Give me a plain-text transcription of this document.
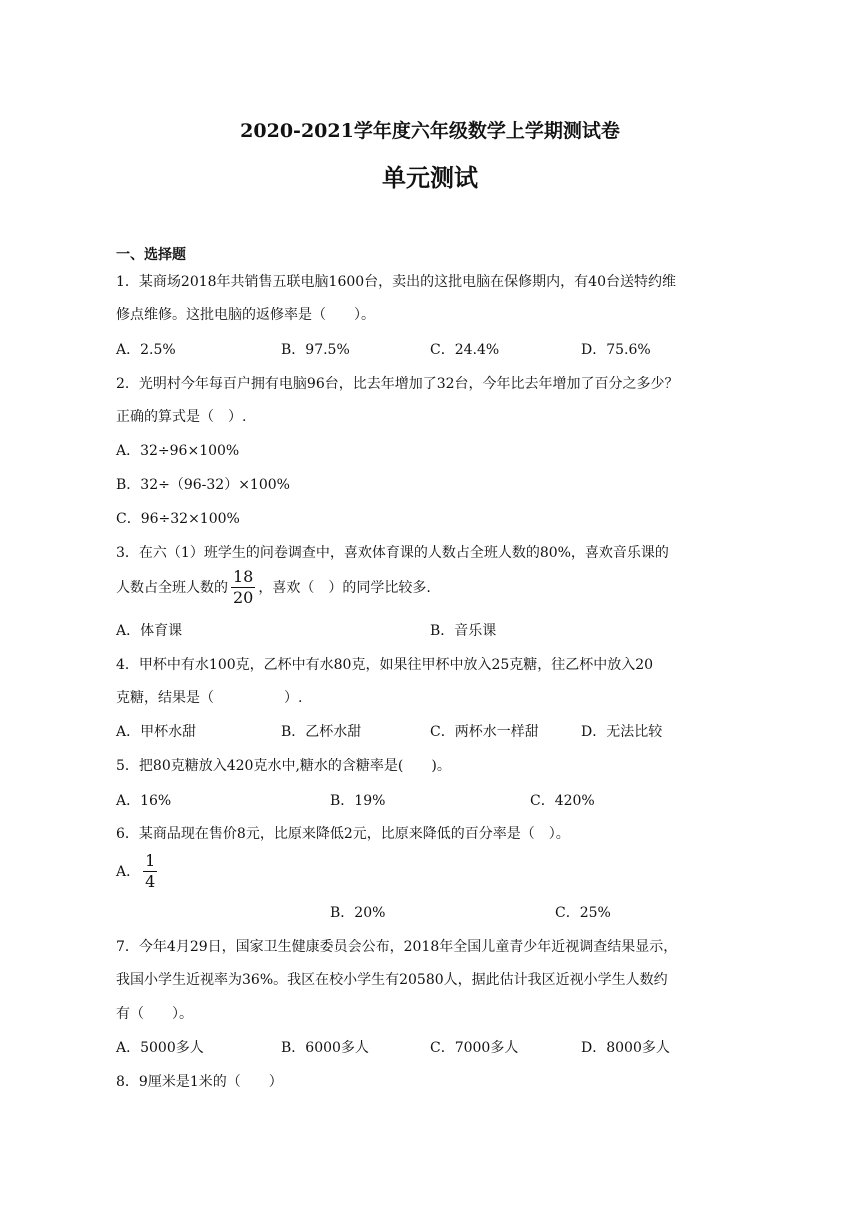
2020-2021学年度六年级数学上学期测试卷
单元测试
一、选择题
1．某商场2018年共销售五联电脑1600台，卖出的这批电脑在保修期内，有40台送特约维
修点维修。这批电脑的返修率是（　　）。
A．2.5%	B．97.5%	C．24.4%	D．75.6%
2．光明村今年每百户拥有电脑96台，比去年增加了32台，今年比去年增加了百分之多少？
正确的算式是（　）.
A．32÷96×100%
B．32÷（96-32）×100%
C．96÷32×100%
3．在六（1）班学生的问卷调查中，喜欢体育课的人数占全班人数的80%，喜欢音乐课的
人数占全班人数的 $\frac{18}{20}$ ，喜欢（　）的同学比较多.
A．体育课	B．音乐课
4．甲杯中有水100克，乙杯中有水80克，如果往甲杯中放入25克糖，往乙杯中放入20
克糖，结果是（　　　　　）.
A．甲杯水甜	B．乙杯水甜	C．两杯水一样甜	D．无法比较
5．把80克糖放入420克水中,糖水的含糖率是(　　)。
A．16%	B．19%	C．420%
6．某商品现在售价8元，比原来降低2元，比原来降低的百分率是（　）。
A． $\frac{1}{4}$
B．20%	C．25%
7．今年4月29日，国家卫生健康委员会公布，2018年全国儿童青少年近视调查结果显示，
我国小学生近视率为36%。我区在校小学生有20580人，据此估计我区近视小学生人数约
有（　　）。
A．5000多人	B．6000多人	C．7000多人	D．8000多人
8．9厘米是1米的（　　）
